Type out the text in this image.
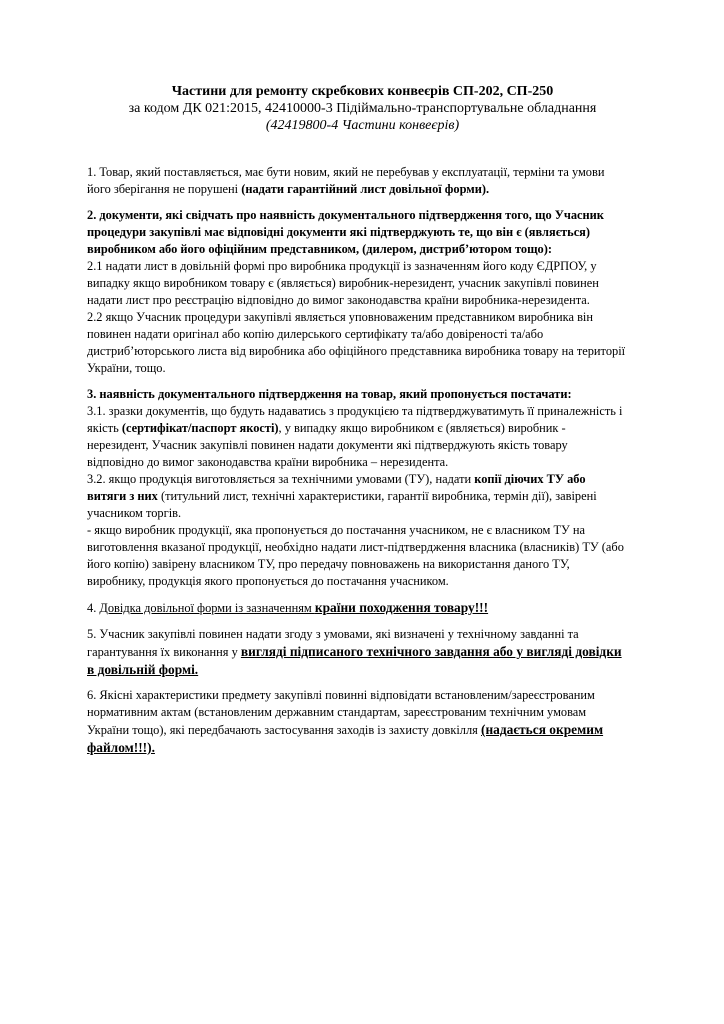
Частини для ремонту скребкових конвеєрів СП-202, СП-250
за кодом ДК 021:2015, 42410000-3 Підіймально-транспортувальне обладнання
(42419800-4 Частини конвеєрів)
1. Товар, який поставляється, має бути новим, який не перебував у експлуатації, терміни та умови
його зберігання не порушені (надати гарантійний лист довільної форми).
2. документи, які свідчать про наявність документального підтвердження того, що Учасник
процедури закупівлі має відповідні документи які підтверджують те, що він є (являється)
виробником або його офіційним представником, (дилером, дистриб’ютором тощо):
2.1 надати лист в довільній формі про виробника продукції із зазначенням його коду ЄДРПОУ, у
випадку якщо виробником товару є (являється) виробник-нерезидент, учасник закупівлі повинен
надати лист про реєстрацію відповідно до вимог законодавства країни виробника-нерезидента.
2.2 якщо Учасник процедури закупівлі являється уповноваженим представником виробника він
повинен надати оригінал або копію дилерського сертифікату та/або довіреності та/або
дистриб’юторського листа від виробника або офіційного представника виробника товару на території
України, тощо.
3. наявність документального підтвердження на товар, який пропонується постачати:
3.1. зразки документів, що будуть надаватись з продукцією та підтверджуватимуть її приналежність і
якість (сертифікат/паспорт якості), у випадку якщо виробником є (являється) виробник -
нерезидент, Учасник закупівлі повинен надати документи які підтверджують якість товару
відповідно до вимог законодавства країни виробника – нерезидента.
3.2. якщо продукція виготовляється за технічними умовами (ТУ), надати копії діючих ТУ або
витяги з них (титульний лист, технічні характеристики, гарантії виробника, термін дії), завірені
учасником торгів.
- якщо виробник продукції, яка пропонується до постачання учасником, не є власником ТУ на
виготовлення вказаної продукції, необхідно надати лист-підтвердження власника (власників) ТУ (або
його копію) завірену власником ТУ, про передачу повноважень на використання даного ТУ,
виробнику, продукція якого пропонується до постачання учасником.
4. Довідка довільної форми із зазначенням країни походження товару!!!
5. Учасник закупівлі повинен надати згоду з умовами, які визначені у технічному завданні та
гарантування їх виконання у вигляді підписаного технічного завдання або у вигляді довідки
в довільній формі.
6. Якісні характеристики предмету закупівлі повинні відповідати встановленим/зареєстрованим
нормативним актам (встановленим державним стандартам, зареєстрованим технічним умовам
України тощо), які передбачають застосування заходів із захисту довкілля (надається окремим
файлом!!!).
